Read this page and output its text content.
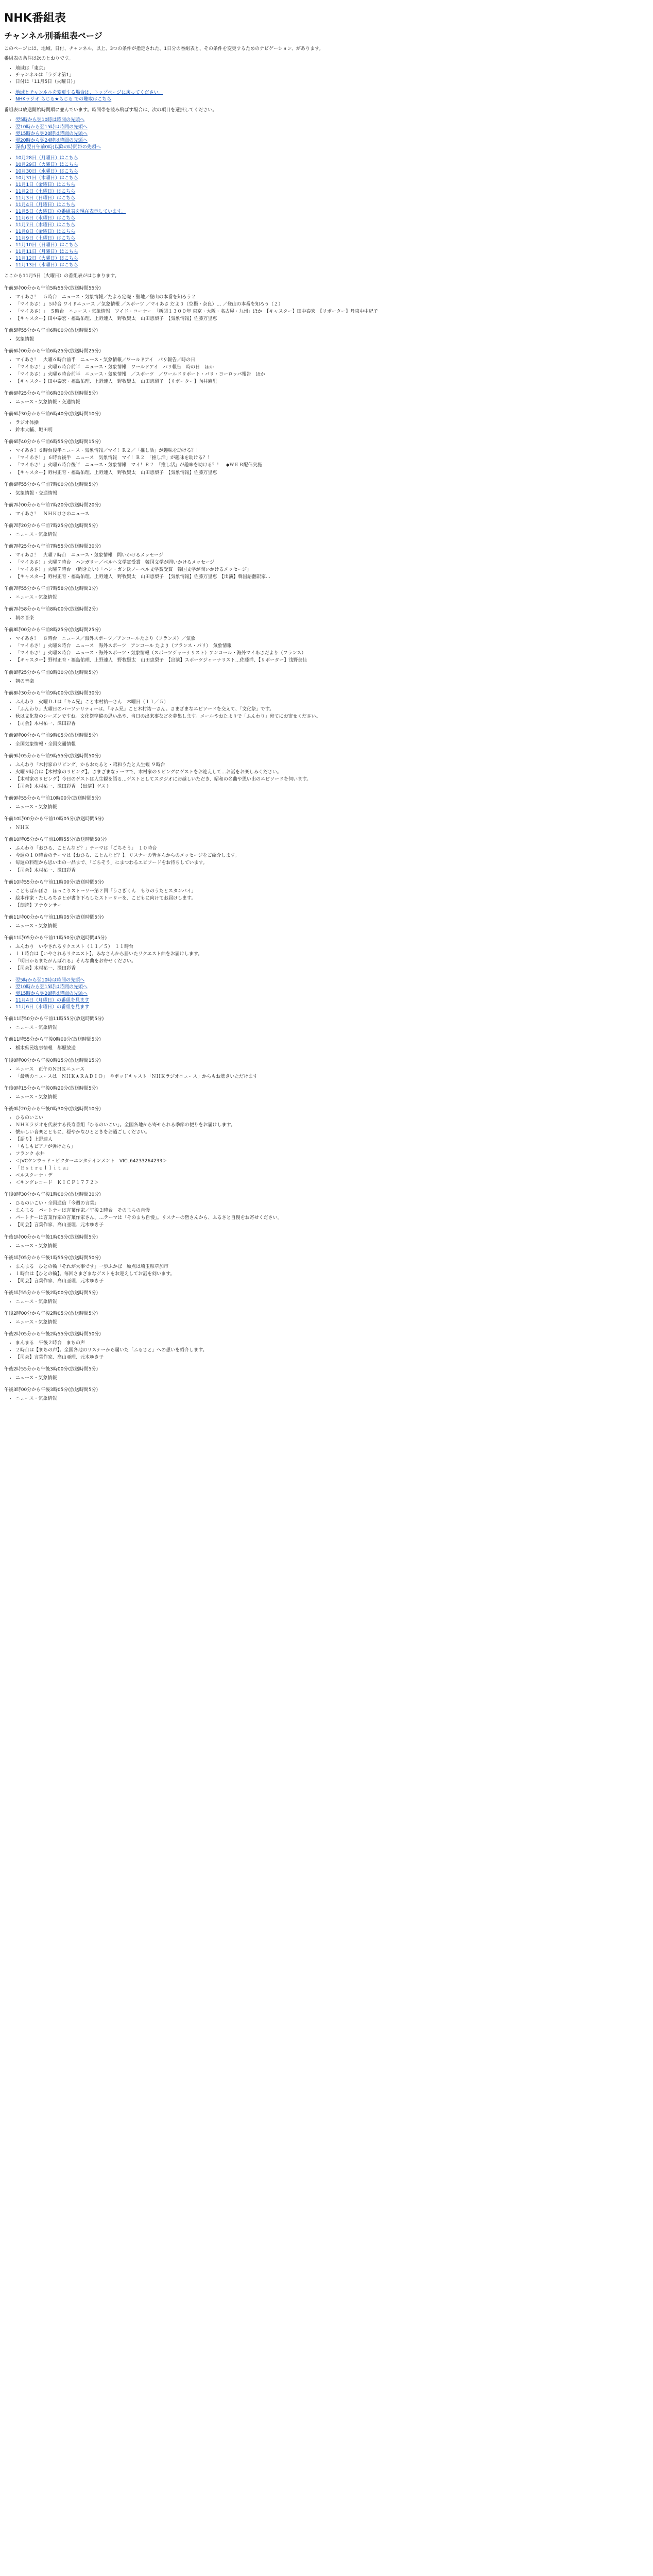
NHK番組表
チャンネル別番組表ページ

このページには、地域、日付、チャンネル、以上、3つの条件が指定された、1日分の番組表と、その条件を変更するためのナビゲーション、があります。

番組表の条件は次のとおりです。

• 地域は「東京」
• チャンネルは「ラジオ第1」
• 日付は「11月5日（火曜日）」
• 地域とチャンネルを変更する場合は、トップページに戻ってください。
• NHKラジオ らじる★らじる での聴取はこちら

番組表は放送開始時間順に並んでいます。時間帯を読み飛ばす場合は、次の項目を選択してください。

• 翌5時から翌10時は時間の先頭へ
• 翌10時から翌15時は時間の先頭へ
• 翌15時から翌20時は時間の先頭へ
• 翌20時から翌24時は時間の先頭へ
• 深夜(翌日午前0時)以降の時間帯の先頭へ
• 10月28日（月曜日）はこちら
• 10月29日（火曜日）はこちら
• 10月30日（水曜日）はこちら
• 10月31日（木曜日）はこちら
• 11月1日（金曜日）はこちら
• 11月2日（土曜日）はこちら
• 11月3日（日曜日）はこちら
• 11月4日（月曜日）はこちら
• 11月5日（火曜日）の番組表を現在表示しています。
• 11月6日（水曜日）はこちら
• 11月7日（木曜日）はこちら
• 11月8日（金曜日）はこちら
• 11月9日（土曜日）はこちら
• 11月10日（日曜日）はこちら
• 11月11日（月曜日）はこちら
• 11月12日（火曜日）はこちら
• 11月13日（水曜日）はこちら

ここから11月5日（火曜日）の番組表がはじまります。

午前5時00分から午前5時55分(放送時間55分)

• マイあさ！　５時台　ニュース・気象情報／たよろ定礎・聖地／登山の本番を知ろう２
• 「マイあさ！」５時台 ワイドニュース ／気象情報 ／スポーツ ／マイあさ だより（空撮・奈良）… ／登山の本番を知ろう（２）
• 「マイあさ！」　５時台　ニュース・気象情報　ワイド・コーナー　「新聞１３００年 東京・大阪・名古屋・九州」ほか　【キャスター】田中泰宏　【リポーター】丹東中中紀子
• 【キャスター】田中泰宏・福島佑理、上野連人　野牧賢太　山田恵梨子　【気象情報】佐藤万里恵

午前5時55分から午前6時00分(放送時間5分)

• 気象情報

午前6時00分から午前6時25分(放送時間25分)

• マイあさ！　火曜６時台前半　ニュース・気象情報／ワールドアイ　パリ報告／時の日
• 「マイあさ！」火曜６時台前半　ニュース・気象情報　ワールドアイ　パリ報告　時の日　ほか
• 「マイあさ！」火曜６時台前半　ニュース・気象情報　／スポーツ　／ワールドリポート・パリ・ヨーロッパ報告　ほか
• 【キャスター】田中泰宏・福島佑理、上野連人　野牧賢太　山田恵梨子　【リポーター】向井麻里

午前6時25分から午前6時30分(放送時間5分)

• ニュース・気象情報・交通情報

午前6時30分から午前6時40分(放送時間10分)

• ラジオ体操
• 鈴木大輔、堀田明

午前6時40分から午前6時55分(放送時間15分)

• マイあさ！６時台後半ニュース・気象情報／マイ！Ｒ２／「推し活」が趣味を助ける？！
• 「マイあさ！」６時台後半　ニュース　気象情報　マイ！Ｒ２　「推し活」が趣味を助ける？！
• 「マイあさ！」火曜６時台後半　ニュース・気象情報　マイ！Ｒ２　「推し活」が趣味を助ける？！　◆ＷＥＢ配信実施
• 【キャスター】野村正育・福島佑理、上野連人　野牧賢太　山田恵梨子　【気象情報】佐藤万里恵

午前6時55分から午前7時00分(放送時間5分)

• 気象情報・交通情報

午前7時00分から午前7時20分(放送時間20分)

• マイあさ！　ＮＨＫけさのニュース

午前7時20分から午前7時25分(放送時間5分)

• ニュース・気象情報

午前7時25分から午前7時55分(放送時間30分)

• マイあさ！　火曜７時台　ニュース・気象情報　問いかけるメッセージ
• 「マイあさ！」火曜７時台　ハンガリー／ベルヘ文学賞受賞　韓国文学が問いかけるメッセージ
• 「マイあさ！」火曜７時台　（問きたい）「ハン・ガン氏ノーベル文学賞受賞　韓国文学が問いかけるメッセージ」
• 【キャスター】野村正育・福島佑理、上野連人　野牧賢太　山田恵梨子　【気象情報】佐藤万里恵　【出演】韓国語翻訳家…

午前7時55分から午前7時58分(放送時間3分)

• ニュース・気象情報

午前7時58分から午前8時00分(放送時間2分)

• 朝の音楽

午前8時00分から午前8時25分(放送時間25分)

• マイあさ！　８時台　ニュース／海外スポーツ／アンコールたより（フランス）／気象
• 「マイあさ！」火曜８時台　ニュース　海外スポーツ　アンコール たより（フランス・パリ）　気象情報
• 「マイあさ！」火曜８時台　ニュース・海外スポーツ・気象情報（スポーツジャーナリスト）アンコール・海外マイあさだより（フランス）
• 【キャスター】野村正育・福島佑理、上野連人　野牧賢太　山田恵梨子　【出演】スポーツジャーナリスト…佐藤洋、【リポーター】浅野美佳

午前8時25分から午前8時30分(放送時間5分)

• 朝の音楽

午前8時30分から午前9時00分(放送時間30分)

• ふんわり　火曜ＤＪは「キム兄」こと木村祐一さん　木曜日（１１／５）
• 「ふんわり」火曜日のパーソナリティーは、「キム兄」こと木村祐一さん。さまざまなエピソードを交えて、「文化祭」です。
• 秋は文化祭のシーズンですね。文化祭準備の思い出や、当日の出来事などを募集します。メールやおたよりで「ふんわり」宛てにお寄せください。
• 【司会】木村祐一、澤田彩香

午前9時00分から午前9時05分(放送時間5分)

• 全国気象情報・全国交通情報

午前9時05分から午前9時55分(放送時間50分)

• ふんわり「木村家のリビング」からおたると・昭和うたと人生観 ９時台
• 火曜９時台は【木村家のリビング】。さまざまなテーマで、木村家のリビングにゲストをお迎えして…お話をお楽しみください。
• 【木村家のリビング】今日のゲストは人生観を語る…ゲストとしてスタジオにお越しいただき、昭和の名曲や思い出のエピソードを伺います。
• 【司会】木村祐一、澤田彩香　【出演】ゲスト

午前9時55分から午前10時00分(放送時間5分)

• ニュース・気象情報

午前10時00分から午前10時05分(放送時間5分)

• ＮＨＫ

午前10時05分から午前10時55分(放送時間50分)

• ふんわり「おひる、ことんなど？」テーマは「ごちそう」　１０時台
• 今週の１０時台のテーマは【おひる、ことんなど？】。リスナーの皆さんからのメッセージをご紹介します。
• 毎週の料理から思い出の一品まで、「ごちそう」にまつわるエピソードをお待ちしています。
• 【司会】木村祐一、澤田彩香

午前10時55分から午前11時00分(放送時間5分)

• こどもばかぼさ　ほっこりストーリー第２回「うさぎくん　もりのうたとスタンバイ」
• 絵本作家・たしろちさとが書き下ろしたストーリーを、こどもに向けてお届けします。
• 【朗読】アナウンサー

午前11時00分から午前11時05分(放送時間5分)

• ニュース・気象情報

午前11時05分から午前11時50分(放送時間45分)

• ふんわり　いやされるリクエスト（１１／５）　１１時台
• １１時台は【いやされるリクエスト】。みなさんから届いたリクエスト曲をお届けします。
• 「明日からまたがんばれる」そんな曲をお寄せください。
• 【司会】木村祐一、澤田彩香
• 翌5時から翌10時は時間の先頭へ
• 翌10時から翌15時は時間の先頭へ
• 翌15時から翌20時は時間の先頭へ
• 11月4日（月曜日）の番組を見ます
• 11月6日（水曜日）の番組を見ます

午前11時50分から午前11時55分(放送時間5分)

• ニュース・気象情報

午前11時55分から午後0時00分(放送時間5分)

• 栃木県民塩事情報　都歴放送

午後0時00分から午後0時15分(放送時間15分)

• ニュース　正午のＮＨＫニュース
• 「最新のニュースは「ＮＨＫ★ＲＡＤＩＯ」　やポッドキャスト「ＮＨＫラジオニュース」からもお聴きいただけます

午後0時15分から午後0時20分(放送時間5分)

• ニュース・気象情報

午後0時20分から午後0時30分(放送時間10分)

• ひるのいこい
• ＮＨＫラジオを代表する長寿番組「ひるのいこい」。全国各地から寄せられる季節の便りをお届けします。
• 懐かしい音楽とともに、穏やかなひとときをお過ごしください。
• 【語り】上野連人
• 「もしもピアノが弾けたら」
• フランク 永井
• ＜JVCケンウッド・ビクターエンタテインメント　VICL64233264233＞
• 「Ｅｓｔｒｅｌｌｉｔａ」
• ベルスクーナ・デ
• ＜キングレコード　ＫＩＣＰ１７７２＞

午後0時30分から午後1時00分(放送時間30分)

• ひるのいこい・全国通信「今週の言葉」
• まんまる　パートナーは言葉作家／午後２時台　そのまちの自慢
• パートナーは言葉作家の言葉作家さん。…テーマは「そのまち自慢」。リスナーの皆さんから、ふるさと自慢をお寄せください。
• 【司会】言葉作家、高山亜理、元木ゆき子

午後1時00分から午後1時05分(放送時間5分)

• ニュース・気象情報

午後1時05分から午後1時55分(放送時間50分)

• まんまる　ひとの輪「それが大事です」一歩ふかぼ　原点は埼玉県草加市
• １時台は【ひとの輪】。毎回さまざまなゲストをお迎えしてお話を伺います。
• 【司会】言葉作家、高山亜理、元木ゆき子

午後1時55分から午後2時00分(放送時間5分)

• ニュース・気象情報

午後2時00分から午後2時05分(放送時間5分)

• ニュース・気象情報

午後2時05分から午後2時55分(放送時間50分)

• まんまる　午後２時台　まちの声
• ２時台は【まちの声】。全国各地のリスナーから届いた「ふるさと」への想いを紹介します。
• 【司会】言葉作家、高山亜理、元木ゆき子

午後2時55分から午後3時00分(放送時間5分)

• ニュース・気象情報

午後3時00分から午後3時05分(放送時間5分)

• ニュース・気象情報
